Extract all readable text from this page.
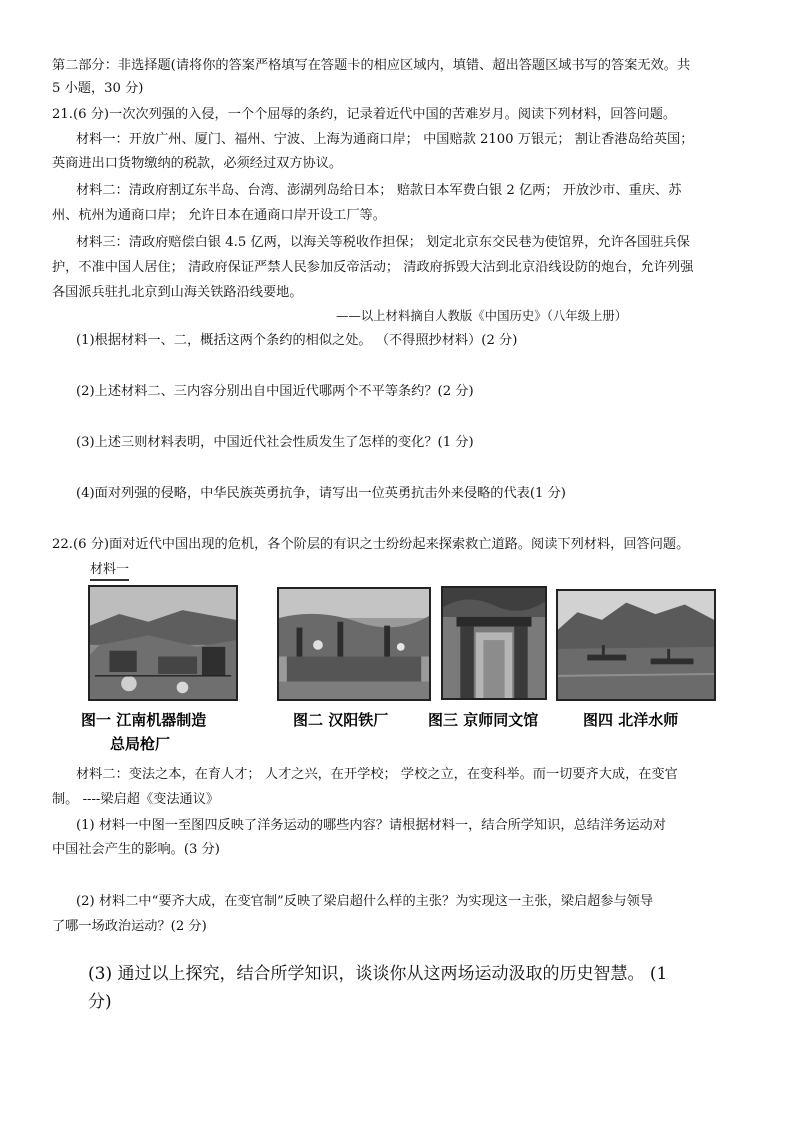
第二部分：非选择题(请将你的答案严格填写在答题卡的相应区域内，填错、超出答题区域书写的答案无效。共

5 小题，30 分)

21.(6 分)一次次列强的入侵，一个个屈辱的条约，记录着近代中国的苦难岁月。阅读下列材料，回答问题。

材料一：开放广州、厦门、福州、宁波、上海为通商口岸； 中国赔款 2100 万银元； 割让香港岛给英国；

英商进出口货物缴纳的税款，必须经过双方协议。

材料二：清政府割辽东半岛、台湾、澎湖列岛给日本； 赔款日本军费白银 2 亿两； 开放沙市、重庆、苏

州、杭州为通商口岸； 允许日本在通商口岸开设工厂等。

材料三：清政府赔偿白银 4.5 亿两，以海关等税收作担保； 划定北京东交民巷为使馆界，允许各国驻兵保

护，不准中国人居住； 清政府保证严禁人民参加反帝活动； 清政府拆毁大沽到北京沿线设防的炮台，允许列强

各国派兵驻扎北京到山海关铁路沿线要地。

——以上材料摘自人教版《中国历史》（八年级上册）

(1)根据材料一、二，概括这两个条约的相似之处。 （不得照抄材料）(2 分)

(2)上述材料二、三内容分别出自中国近代哪两个不平等条约？(2 分)

(3)上述三则材料表明，中国近代社会性质发生了怎样的变化？(1 分)

(4)面对列强的侵略，中华民族英勇抗争，请写出一位英勇抗击外来侵略的代表(1 分)

22.(6 分)面对近代中国出现的危机，各个阶层的有识之士纷纷起来探索救亡道路。阅读下列材料，回答问题。

材料一
图一 江南机器制造
总局枪厂
图二 汉阳铁厂	图三 京师同文馆	图四 北洋水师

材料二：变法之本，在育人才； 人才之兴，在开学校； 学校之立，在变科举。而一切要齐大成，在变官

制。 ----梁启超《变法通议》

(1) 材料一中图一至图四反映了洋务运动的哪些内容？请根据材料一，结合所学知识，总结洋务运动对

中国社会产生的影响。(3 分)

(2) 材料二中“要齐大成，在变官制”反映了梁启超什么样的主张？为实现这一主张，梁启超参与领导

了哪一场政治运动？(2 分)

(3) 通过以上探究，结合所学知识，谈谈你从这两场运动汲取的历史智慧。 (1

分)
